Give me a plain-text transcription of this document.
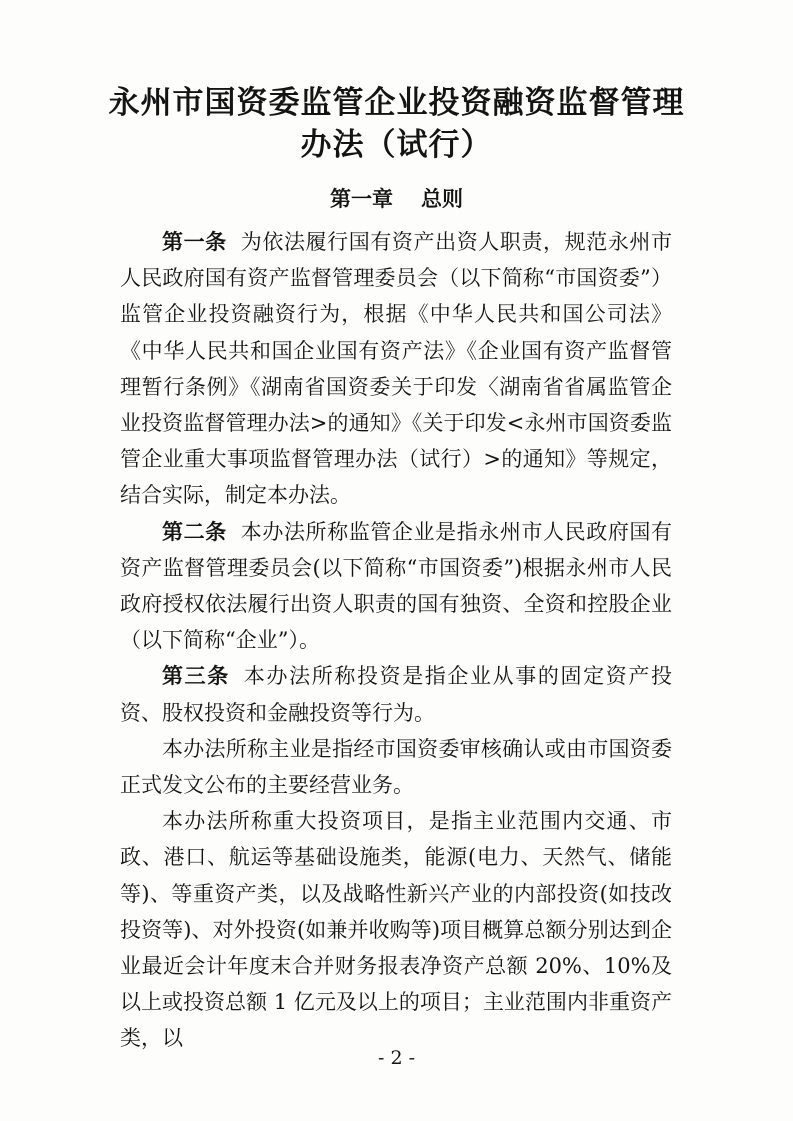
永州市国资委监管企业投资融资监督管理
办法（试行）
第一章 总则

第一条 为依法履行国有资产出资人职责，规范永州市人民政府国有资产监督管理委员会（以下简称“市国资委”）监管企业投资融资行为，根据《中华人民共和国公司法》《中华人民共和国企业国有资产法》《企业国有资产监督管理暂行条例》《湖南省国资委关于印发〈湖南省省属监管企业投资监督管理办法>的通知》《关于印发<永州市国资委监管企业重大事项监督管理办法（试行）>的通知》等规定，结合实际，制定本办法。

第二条 本办法所称监管企业是指永州市人民政府国有资产监督管理委员会(以下简称“市国资委”)根据永州市人民政府授权依法履行出资人职责的国有独资、全资和控股企业（以下简称“企业”）。

第三条 本办法所称投资是指企业从事的固定资产投资、股权投资和金融投资等行为。

本办法所称主业是指经市国资委审核确认或由市国资委正式发文公布的主要经营业务。

本办法所称重大投资项目，是指主业范围内交通、市政、港口、航运等基础设施类，能源(电力、天然气、储能等)、等重资产类，以及战略性新兴产业的内部投资(如技改投资等)、对外投资(如兼并收购等)项目概算总额分别达到企业最近会计年度末合并财务报表净资产总额 20%、10%及以上或投资总额 1 亿元及以上的项目；主业范围内非重资产类，以

- 2 -
